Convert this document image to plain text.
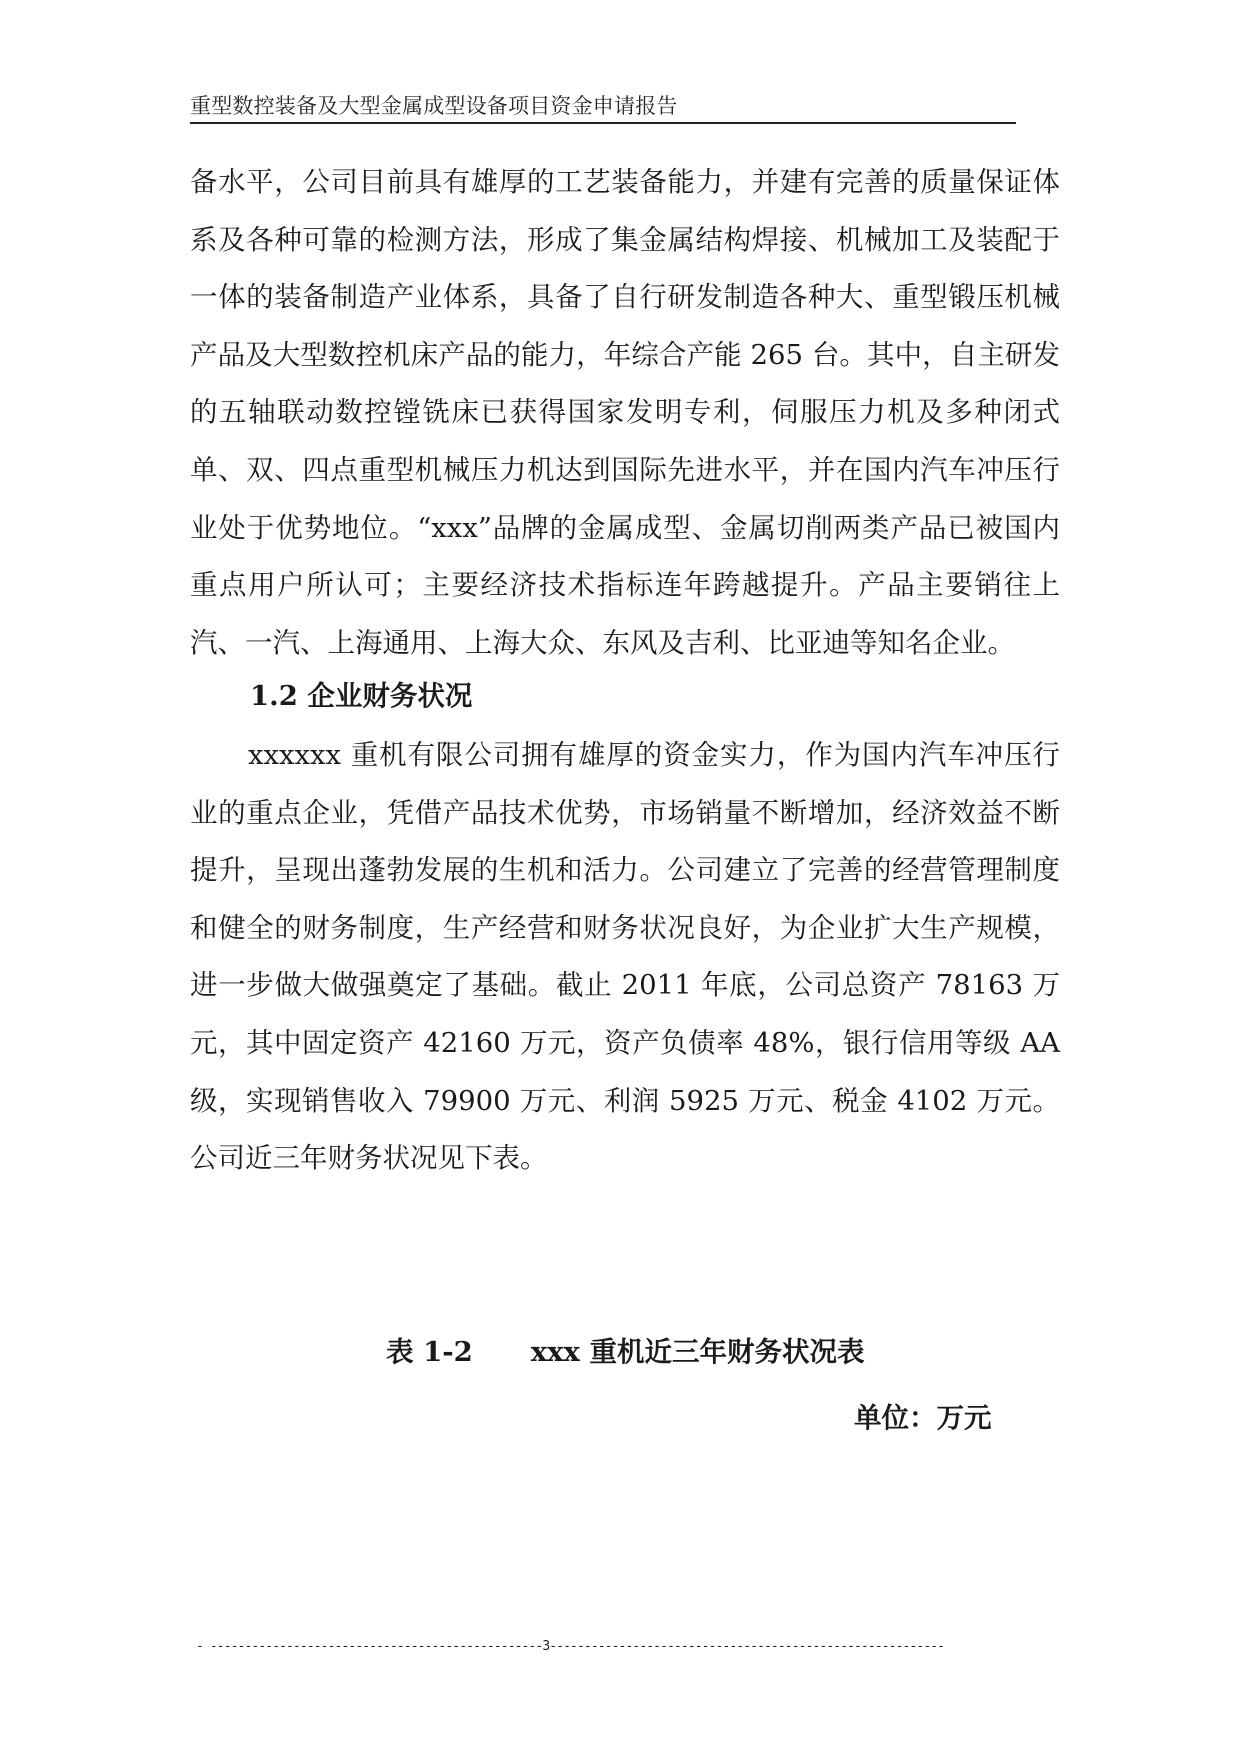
重型数控装备及大型金属成型设备项目资金申请报告

备水平，公司目前具有雄厚的工艺装备能力，并建有完善的质量保证体系及各种可靠的检测方法，形成了集金属结构焊接、机械加工及装配于一体的装备制造产业体系，具备了自行研发制造各种大、重型锻压机械产品及大型数控机床产品的能力，年综合产能 265 台。其中，自主研发的五轴联动数控镗铣床已获得国家发明专利，伺服压力机及多种闭式单、双、四点重型机械压力机达到国际先进水平，并在国内汽车冲压行业处于优势地位。“xxx”品牌的金属成型、金属切削两类产品已被国内重点用户所认可；主要经济技术指标连年跨越提升。产品主要销往上汽、一汽、上海通用、上海大众、东风及吉利、比亚迪等知名企业。

1.2 企业财务状况

xxxxxx 重机有限公司拥有雄厚的资金实力，作为国内汽车冲压行业的重点企业，凭借产品技术优势，市场销量不断增加，经济效益不断提升，呈现出蓬勃发展的生机和活力。公司建立了完善的经营管理制度和健全的财务制度，生产经营和财务状况良好，为企业扩大生产规模，进一步做大做强奠定了基础。截止 2011 年底，公司总资产 78163 万元，其中固定资产 42160 万元，资产负债率 48%，银行信用等级 AA 级，实现销售收入 79900 万元、利润 5925 万元、税金 4102 万元。公司近三年财务状况见下表。

表 1-2 xxx 重机近三年财务状况表

单位：万元

- ------------------------------------------------3---------------------------------------------------------
